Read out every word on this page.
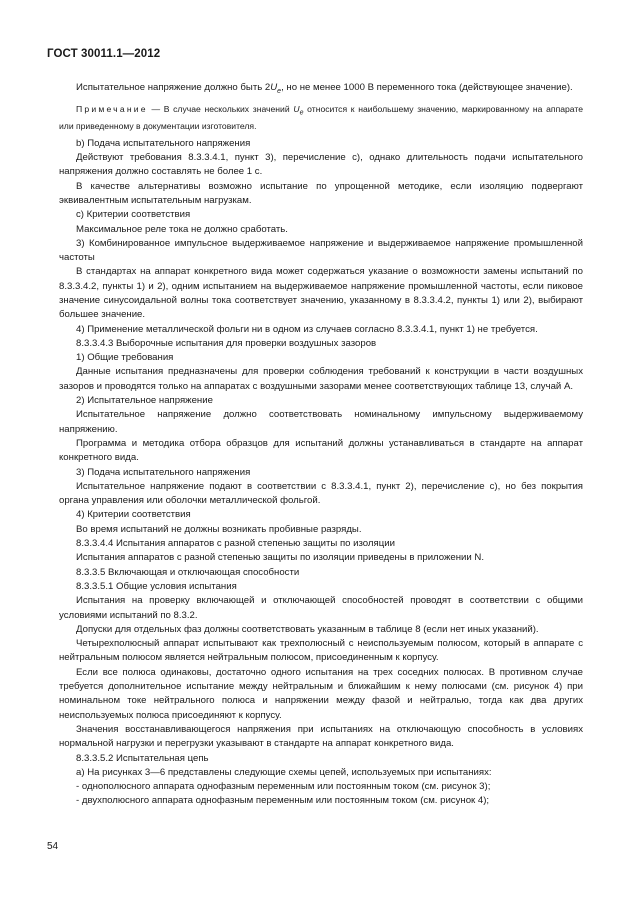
ГОСТ 30011.1—2012

Испытательное напряжение должно быть $2U_e$, но не менее 1000 В переменного тока (действующее значение).

Примечание — В случае нескольких значений $U_e$ относится к наибольшему значению, маркированному на аппарате или приведенному в документации изготовителя.

b) Подача испытательного напряжения

Действуют требования 8.3.3.4.1, пункт 3), перечисление с), однако длительность подачи испытательного напряжения должно составлять не более 1 с.

В качестве альтернативы возможно испытание по упрощенной методике, если изоляцию подвергают эквивалентным испытательным нагрузкам.

с) Критерии соответствия

Максимальное реле тока не должно сработать.

3) Комбинированное импульсное выдерживаемое напряжение и выдерживаемое напряжение промышленной частоты

В стандартах на аппарат конкретного вида может содержаться указание о возможности замены испытаний по 8.3.3.4.2, пункты 1) и 2), одним испытанием на выдерживаемое напряжение промышленной частоты, если пиковое значение синусоидальной волны тока соответствует значению, указанному в 8.3.3.4.2, пункты 1) или 2), выбирают большее значение.

4) Применение металлической фольги ни в одном из случаев согласно 8.3.3.4.1, пункт 1) не требуется.

8.3.3.4.3 Выборочные испытания для проверки воздушных зазоров

1) Общие требования

Данные испытания предназначены для проверки соблюдения требований к конструкции в части воздушных зазоров и проводятся только на аппаратах с воздушными зазорами менее соответствующих таблице 13, случай А.

2) Испытательное напряжение

Испытательное напряжение должно соответствовать номинальному импульсному выдерживаемому напряжению.

Программа и методика отбора образцов для испытаний должны устанавливаться в стандарте на аппарат конкретного вида.

3) Подача испытательного напряжения

Испытательное напряжение подают в соответствии с 8.3.3.4.1, пункт 2), перечисление с), но без покрытия органа управления или оболочки металлической фольгой.

4) Критерии соответствия

Во время испытаний не должны возникать пробивные разряды.

8.3.3.4.4 Испытания аппаратов с разной степенью защиты по изоляции

Испытания аппаратов с разной степенью защиты по изоляции приведены в приложении N.

8.3.3.5 Включающая и отключающая способности

8.3.3.5.1 Общие условия испытания

Испытания на проверку включающей и отключающей способностей проводят в соответствии с общими условиями испытаний по 8.3.2.

Допуски для отдельных фаз должны соответствовать указанным в таблице 8 (если нет иных указаний).

Четырехполюсный аппарат испытывают как трехполюсный с неиспользуемым полюсом, который в аппарате с нейтральным полюсом является нейтральным полюсом, присоединенным к корпусу.

Если все полюса одинаковы, достаточно одного испытания на трех соседних полюсах. В противном случае требуется дополнительное испытание между нейтральным и ближайшим к нему полюсами (см. рисунок 4) при номинальном токе нейтрального полюса и напряжении между фазой и нейтралью, тогда как два других неиспользуемых полюса присоединяют к корпусу.

Значения восстанавливающегося напряжения при испытаниях на отключающую способность в условиях нормальной нагрузки и перегрузки указывают в стандарте на аппарат конкретного вида.

8.3.3.5.2 Испытательная цепь

а) На рисунках 3—6 представлены следующие схемы цепей, используемых при испытаниях:

- однополюсного аппарата однофазным переменным или постоянным током (см. рисунок 3);

- двухполюсного аппарата однофазным переменным или постоянным током (см. рисунок 4);

54
